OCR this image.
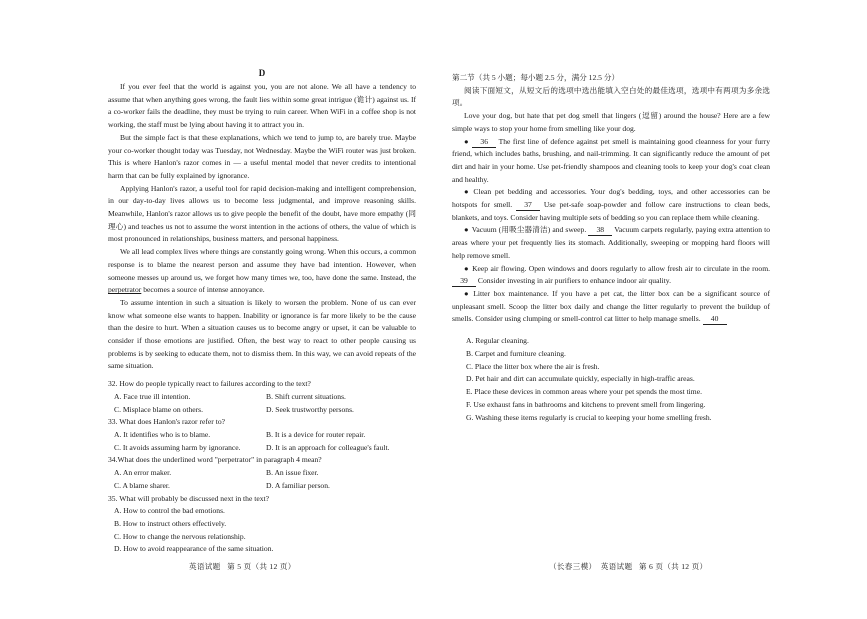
D

If you ever feel that the world is against you, you are not alone. We all have a tendency to assume that when anything goes wrong, the fault lies within some great intrigue (诡计) against us. If a co-worker fails the deadline, they must be trying to ruin career. When WiFi in a coffee shop is not working, the staff must be lying about having it to attract you in.

But the simple fact is that these explanations, which we tend to jump to, are barely true. Maybe your co-worker thought today was Tuesday, not Wednesday. Maybe the WiFi router was just broken. This is where Hanlon's razor comes in — a useful mental model that never credits to intentional harm that can be fully explained by ignorance.

Applying Hanlon's razor, a useful tool for rapid decision-making and intelligent comprehension, in our day-to-day lives allows us to become less judgmental, and improve reasoning skills. Meanwhile, Hanlon's razor allows us to give people the benefit of the doubt, have more empathy (同理心) and teaches us not to assume the worst intention in the actions of others, the value of which is most pronounced in relationships, business matters, and personal happiness.

We all lead complex lives where things are constantly going wrong. When this occurs, a common response is to blame the nearest person and assume they have bad intention. However, when someone messes up around us, we forget how many times we, too, have done the same. Instead, the perpetrator becomes a source of intense annoyance.

To assume intention in such a situation is likely to worsen the problem. None of us can ever know what someone else wants to happen. Inability or ignorance is far more likely to be the cause than the desire to hurt. When a situation causes us to become angry or upset, it can be valuable to consider if those emotions are justified. Often, the best way to react to other people causing us problems is by seeking to educate them, not to dismiss them. In this way, we can avoid repeats of the same situation.

32. How do people typically react to failures according to the text?

A. Face true ill intention.	B. Shift current situations.
C. Misplace blame on others.	D. Seek trustworthy persons.

33. What does Hanlon's razor refer to?

A. It identifies who is to blame.	B. It is a device for router repair.
C. It avoids assuming harm by ignorance.	D. It is an approach for colleague's fault.

34.What does the underlined word "perpetrator" in paragraph 4 mean?

A. An error maker.	B. An issue fixer.
C. A blame sharer.	D. A familiar person.

35. What will probably be discussed next in the text?

A. How to control the bad emotions.

B. How to instruct others effectively.

C. How to change the nervous relationship.

D. How to avoid reappearance of the same situation.

英语试题   第 5 页（共 12 页）

第二节（共 5 小题；每小题 2.5 分，满分 12.5 分）

阅读下面短文，从短文后的选项中选出能填入空白处的最佳选项，选项中有两项为多余选项。

Love your dog, but hate that pet dog smell that lingers (逗留) around the house? Here are a few simple ways to stop your home from smelling like your dog.

● 36 The first line of defence against pet smell is maintaining good cleanness for your furry friend, which includes baths, brushing, and nail-trimming. It can significantly reduce the amount of pet dirt and hair in your home. Use pet-friendly shampoos and cleaning tools to keep your dog's coat clean and healthy.

● Clean pet bedding and accessories. Your dog's bedding, toys, and other accessories can be hotspots for smell. 37 Use pet-safe soap-powder and follow care instructions to clean beds, blankets, and toys. Consider having multiple sets of bedding so you can replace them while cleaning.

● Vacuum (用吸尘器清洁) and sweep. 38 Vacuum carpets regularly, paying extra attention to areas where your pet frequently lies its stomach. Additionally, sweeping or mopping hard floors will help remove smell.

● Keep air flowing. Open windows and doors regularly to allow fresh air to circulate in the room. 39 Consider investing in air purifiers to enhance indoor air quality.

● Litter box maintenance. If you have a pet cat, the litter box can be a significant source of unpleasant smell. Scoop the litter box daily and change the litter regularly to prevent the buildup of smells. Consider using clumping or smell-control cat litter to help manage smells. 40

A. Regular cleaning.

B. Carpet and furniture cleaning.

C. Place the litter box where the air is fresh.

D. Pet hair and dirt can accumulate quickly, especially in high-traffic areas.

E. Place these devices in common areas where your pet spends the most time.

F. Use exhaust fans in bathrooms and kitchens to prevent smell from lingering.

G. Washing these items regularly is crucial to keeping your home smelling fresh.

（长春三模）  英语试题   第 6 页（共 12 页）
